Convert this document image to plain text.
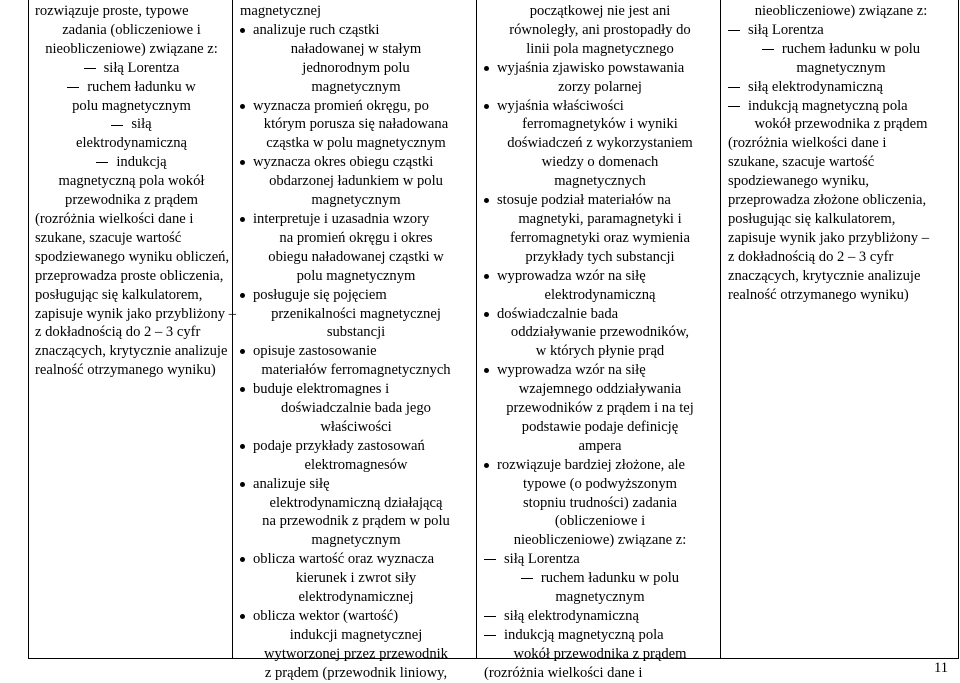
rozwiązuje proste, typowe
zadania (obliczeniowe i
nieobliczeniowe) związane z:
siłą Lorentza
ruchem ładunku w
polu magnetycznym
siłą
elektrodynamiczną
indukcją
magnetyczną pola wokół
przewodnika z prądem
(rozróżnia wielkości dane i
szukane, szacuje wartość
spodziewanego wyniku obliczeń,
przeprowadza proste obliczenia,
posługując się kalkulatorem,
zapisuje wynik jako przybliżony –
z dokładnością do 2 – 3 cyfr
znaczących, krytycznie analizuje
realność otrzymanego wyniku)
magnetycznej
analizuje ruch cząstki
naładowanej w stałym
jednorodnym polu
magnetycznym
wyznacza promień okręgu, po
którym porusza się naładowana
cząstka w polu magnetycznym
wyznacza okres obiegu cząstki
obdarzonej ładunkiem w polu
magnetycznym
interpretuje i uzasadnia wzory
na promień okręgu i okres
obiegu naładowanej cząstki w
polu magnetycznym
posługuje się pojęciem
przenikalności magnetycznej
substancji
opisuje zastosowanie
materiałów ferromagnetycznych
buduje elektromagnes i
doświadczalnie bada jego
właściwości
podaje przykłady zastosowań
elektromagnesów
analizuje siłę
elektrodynamiczną działającą
na przewodnik z prądem w polu
magnetycznym
oblicza wartość oraz wyznacza
kierunek i zwrot siły
elektrodynamicznej
oblicza wektor (wartość)
indukcji magnetycznej
wytworzonej przez przewodnik
z prądem (przewodnik liniowy,
początkowej nie jest ani
równoległy, ani prostopadły do
linii pola magnetycznego
wyjaśnia zjawisko powstawania
zorzy polarnej
wyjaśnia właściwości
ferromagnetyków i wyniki
doświadczeń z wykorzystaniem
wiedzy o domenach
magnetycznych
stosuje podział materiałów na
magnetyki, paramagnetyki i
ferromagnetyki oraz wymienia
przykłady tych substancji
wyprowadza wzór na siłę
elektrodynamiczną
doświadczalnie bada
oddziaływanie przewodników,
w których płynie prąd
wyprowadza wzór na siłę
wzajemnego oddziaływania
przewodników z prądem i na tej
podstawie podaje definicję
ampera
rozwiązuje bardziej złożone, ale
typowe (o podwyższonym
stopniu trudności) zadania
(obliczeniowe i
nieobliczeniowe) związane z:
siłą Lorentza
ruchem ładunku w polu
magnetycznym
siłą elektrodynamiczną
indukcją magnetyczną pola
wokół przewodnika z prądem
(rozróżnia wielkości dane i
nieobliczeniowe) związane z:
siłą Lorentza
ruchem ładunku w polu
magnetycznym
siłą elektrodynamiczną
indukcją magnetyczną pola
wokół przewodnika z prądem
(rozróżnia wielkości dane i
szukane, szacuje wartość
spodziewanego wyniku,
przeprowadza złożone obliczenia,
posługując się kalkulatorem,
zapisuje wynik jako przybliżony –
z dokładnością do 2 – 3 cyfr
znaczących, krytycznie analizuje
realność otrzymanego wyniku)
11
